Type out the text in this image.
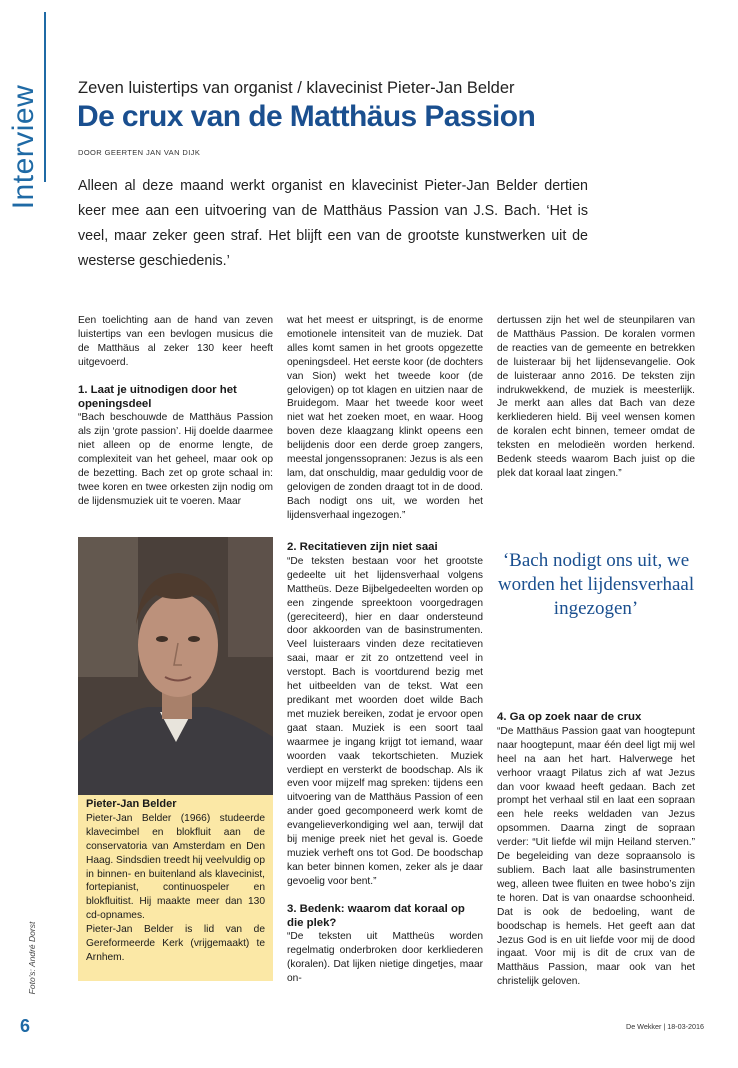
Interview Zeven luistertips van organist / klavecinist Pieter-Jan Belder
De crux van de Matthäus Passion
DOOR GEERTEN JAN VAN DIJK

Alleen al deze maand werkt organist en klavecinist Pieter-Jan Belder dertien keer mee aan een uitvoering van de Matthäus Passion van J.S. Bach. ‘Het is veel, maar zeker geen straf. Het blijft een van de grootste kunstwerken uit de westerse geschiedenis.’

Een toelichting aan de hand van zeven luistertips van een bevlogen musicus die de Matthäus al zeker 130 keer heeft uitgevoerd.

1. Laat je uitnodigen door het openingsdeel

“Bach beschouwde de Matthäus Passion als zijn ‘grote passion’. Hij doelde daarmee niet alleen op de enorme lengte, de complexiteit van het geheel, maar ook op de bezetting. Bach zet op grote schaal in: twee koren en twee orkesten zijn nodig om de lijdensmuziek uit te voeren. Maar

Pieter-Jan Belder

Pieter-Jan Belder (1966) studeerde klavecimbel en blokfluit aan de conservatoria van Amsterdam en Den Haag. Sindsdien treedt hij veelvuldig op in binnen- en buitenland als klavecinist, fortepianist, continuospeler en blokfluitist. Hij maakte meer dan 130 cd-opnames.

Pieter-Jan Belder is lid van de Gereformeerde Kerk (vrijgemaakt) te Arnhem.

wat het meest er uitspringt, is de enorme emotionele intensiteit van de muziek. Dat alles komt samen in het groots opgezette openingsdeel. Het eerste koor (de dochters van Sion) wekt het tweede koor (de gelovigen) op tot klagen en uitzien naar de Bruidegom. Maar het tweede koor weet niet wat het zoeken moet, en waar. Hoog boven deze klaagzang klinkt opeens een belijdenis door een derde groep zangers, meestal jongenssopranen: Jezus is als een lam, dat onschuldig, maar geduldig voor de gelovigen de zonden draagt tot in de dood. Bach nodigt ons uit, we worden het lijdensverhaal ingezogen.”

2. Recitatieven zijn niet saai

“De teksten bestaan voor het grootste gedeelte uit het lijdensverhaal volgens Mattheüs. Deze Bijbelgedeelten worden op een zingende spreektoon voorgedragen (gereciteerd), hier en daar ondersteund door akkoorden van de basinstrumenten. Veel luisteraars vinden deze recitatieven saai, maar er zit zo ontzettend veel in verstopt. Bach is voortdurend bezig met het uitbeelden van de tekst. Wat een predikant met woorden doet wilde Bach met muziek bereiken, zodat je ervoor open gaat staan. Muziek is een soort taal waarmee je ingang krijgt tot iemand, waar woorden vaak tekortschieten. Muziek verdiept en versterkt de boodschap. Als ik even voor mijzelf mag spreken: tijdens een uitvoering van de Matthäus Passion of een ander goed gecomponeerd werk komt de evangelieverkondiging wel aan, terwijl dat bij menige preek niet het geval is. Goede muziek verheft ons tot God. De boodschap kan beter binnen komen, zeker als je daar gevoelig voor bent.”

3. Bedenk: waarom dat koraal op die plek?

“De teksten uit Mattheüs worden regelmatig onderbroken door kerkliederen (koralen). Dat lijken nietige dingetjes, maar on-

dertussen zijn het wel de steunpilaren van de Matthäus Passion. De koralen vormen de reacties van de gemeente en betrekken de luisteraar bij het lijdensevangelie. Ook de luisteraar anno 2016. De teksten zijn indrukwekkend, de muziek is meesterlijk. Je merkt aan alles dat Bach van deze kerkliederen hield. Bij veel wensen komen de koralen echt binnen, temeer omdat de teksten en melodieën worden herkend. Bedenk steeds waarom Bach juist op die plek dat koraal laat zingen.”

‘Bach nodigt ons uit, we worden het lijdensverhaal ingezogen’
4. Ga op zoek naar de crux

“De Matthäus Passion gaat van hoogtepunt naar hoogtepunt, maar één deel ligt mij wel heel na aan het hart. Halverwege het verhoor vraagt Pilatus zich af wat Jezus dan voor kwaad heeft gedaan. Bach zet prompt het verhaal stil en laat een sopraan een hele reeks weldaden van Jezus opsommen. Daarna zingt de sopraan verder: “Uit liefde wil mijn Heiland sterven.” De begeleiding van deze sopraansolo is subliem. Bach laat alle basinstrumenten weg, alleen twee fluiten en twee hobo’s zijn te horen. Dat is van onaardse schoonheid. Dat is ook de bedoeling, want de boodschap is hemels. Het geeft aan dat Jezus God is en uit liefde voor mij de dood ingaat. Voor mij is dit de crux van de Matthäus Passion, maar ook van het christelijk geloven.

Foto's: André Dorst
6	De Wekker | 18-03-2016
